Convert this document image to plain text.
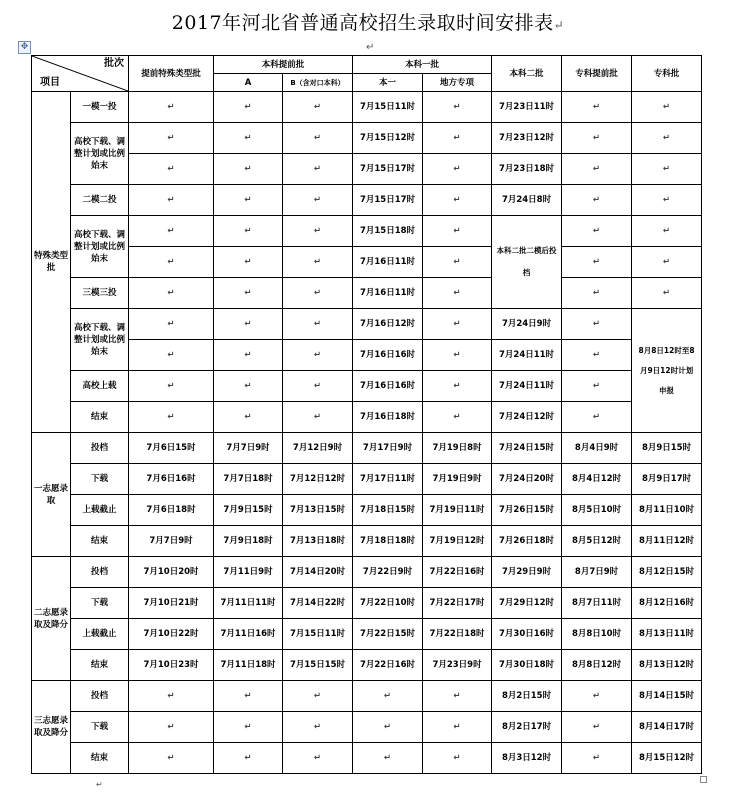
2017年河北省普通高校招生录取时间安排表↵
✥	↵
批次
项目		提前特殊类型批	本科提前批		本科一批		本科二批	专科提前批	专科批
			A	B（含对口本科）	本一	地方专项			
特殊类型批	一模一投	↵	↵	↵	7月15日11时	↵	7月23日11时	↵	↵
	高校下载、调整计划或比例始末	↵	↵	↵	7月15日12时	↵	7月23日12时	↵	↵
		↵	↵	↵	7月15日17时	↵	7月23日18时	↵	↵
	二模二投	↵	↵	↵	7月15日17时	↵	7月24日8时	↵	↵
	高校下载、调整计划或比例始末	↵	↵	↵	7月15日18时	↵	本科二批二模后投档	↵	↵
		↵	↵	↵	7月16日11时	↵		↵	↵
	三模三投	↵	↵	↵	7月16日11时	↵		↵	↵
	高校下载、调整计划或比例始末	↵	↵	↵	7月16日12时	↵	7月24日9时	↵	8月8日12时至8月9日12时计划申报
		↵	↵	↵	7月16日16时	↵	7月24日11时	↵	
	高校上载	↵	↵	↵	7月16日16时	↵	7月24日11时	↵	
	结束	↵	↵	↵	7月16日18时	↵	7月24日12时	↵	
一志愿录取	投档	7月6日15时	7月7日9时	7月12日9时	7月17日9时	7月19日8时	7月24日15时	8月4日9时	8月9日15时
	下载	7月6日16时	7月7日18时	7月12日12时	7月17日11时	7月19日9时	7月24日20时	8月4日12时	8月9日17时
	上载截止	7月6日18时	7月9日15时	7月13日15时	7月18日15时	7月19日11时	7月26日15时	8月5日10时	8月11日10时
	结束	7月7日9时	7月9日18时	7月13日18时	7月18日18时	7月19日12时	7月26日18时	8月5日12时	8月11日12时
二志愿录取及降分	投档	7月10日20时	7月11日9时	7月14日20时	7月22日9时	7月22日16时	7月29日9时	8月7日9时	8月12日15时
	下载	7月10日21时	7月11日11时	7月14日22时	7月22日10时	7月22日17时	7月29日12时	8月7日11时	8月12日16时
	上载截止	7月10日22时	7月11日16时	7月15日11时	7月22日15时	7月22日18时	7月30日16时	8月8日10时	8月13日11时
	结束	7月10日23时	7月11日18时	7月15日15时	7月22日16时	7月23日9时	7月30日18时	8月8日12时	8月13日12时
三志愿录取及降分	投档	↵	↵	↵	↵	↵	8月2日15时	↵	8月14日15时
	下载	↵	↵	↵	↵	↵	8月2日17时	↵	8月14日17时
	结束	↵	↵	↵	↵	↵	8月3日12时	↵	8月15日12时
↵
